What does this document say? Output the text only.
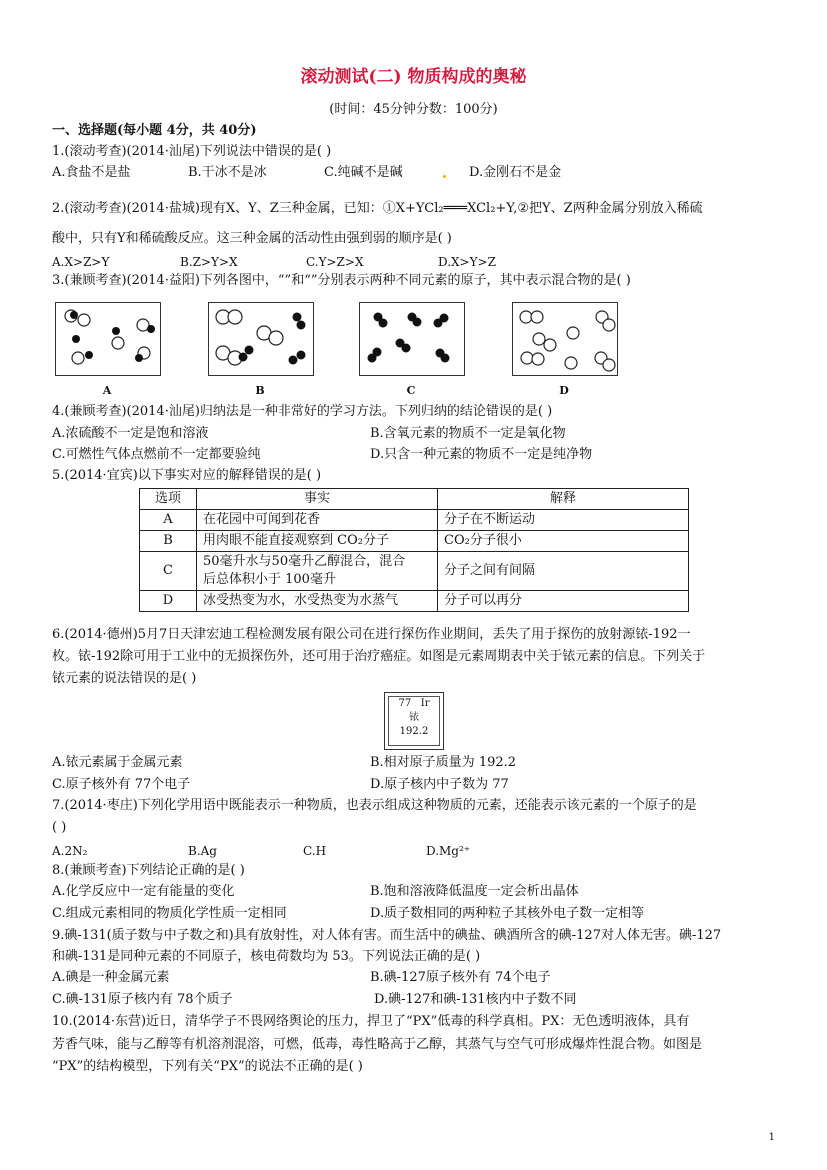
滚动测试(二) 物质构成的奥秘
(时间：45分钟分数：100分)
一、选择题(每小题 4分，共 40分)
1.(滚动考查)(2014·汕尾)下列说法中错误的是( )
A.食盐不是盐	B.干冰不是冰	C.纯碱不是碱	D.金刚石不是金
2.(滚动考查)(2014·盐城)现有X、Y、Z三种金属，已知：①X+YCl₂═══XCl₂+Y,②把Y、Z两种金属分别放入稀硫
酸中，只有Y和稀硫酸反应。这三种金属的活动性由强到弱的顺序是( )
A.X>Z>Y	B.Z>Y>X	C.Y>Z>X	D.X>Y>Z
3.(兼顾考查)(2014·益阳)下列各图中，“”和“”分别表示两种不同元素的原子，其中表示混合物的是( )
A	B	C	D
4.(兼顾考查)(2014·汕尾)归纳法是一种非常好的学习方法。下列归纳的结论错误的是( )
A.浓硫酸不一定是饱和溶液	B.含氧元素的物质不一定是氧化物
C.可燃性气体点燃前不一定都要验纯	D.只含一种元素的物质不一定是纯净物
5.(2014·宜宾)以下事实对应的解释错误的是( )
选项	事实	解释
A	在花园中可闻到花香	分子在不断运动
B	用肉眼不能直接观察到 CO₂分子	CO₂分子很小
C	50毫升水与50毫升乙醇混合，混合
后总体积小于 100毫升	分子之间有间隔
D	冰受热变为水，水受热变为水蒸气	分子可以再分
6.(2014·德州)5月7日天津宏迪工程检测发展有限公司在进行探伤作业期间，丢失了用于探伤的放射源铱-192一
枚。铱-192除可用于工业中的无损探伤外，还可用于治疗癌症。如图是元素周期表中关于铱元素的信息。下列关于
铱元素的说法错误的是( )
77 Ir
铱
192.2
A.铱元素属于金属元素	B.相对原子质量为 192.2
C.原子核外有 77个电子	D.原子核内中子数为 77
7.(2014·枣庄)下列化学用语中既能表示一种物质，也表示组成这种物质的元素，还能表示该元素的一个原子的是
( )
A.2N₂	B.Ag	C.H	D.Mg²⁺
8.(兼顾考查)下列结论正确的是( )
A.化学反应中一定有能量的变化	B.饱和溶液降低温度一定会析出晶体
C.组成元素相同的物质化学性质一定相同	D.质子数相同的两种粒子其核外电子数一定相等
9.碘-131(质子数与中子数之和)具有放射性，对人体有害。而生活中的碘盐、碘酒所含的碘-127对人体无害。碘-127
和碘-131是同种元素的不同原子，核电荷数均为 53。下列说法正确的是( )
A.碘是一种金属元素	B.碘-127原子核外有 74个电子
C.碘-131原子核内有 78个质子	D.碘-127和碘-131核内中子数不同
10.(2014·东营)近日，清华学子不畏网络舆论的压力，捍卫了“PX”低毒的科学真相。PX：无色透明液体，具有
芳香气味，能与乙醇等有机溶剂混溶，可燃，低毒，毒性略高于乙醇，其蒸气与空气可形成爆炸性混合物。如图是
“PX”的结构模型，下列有关“PX”的说法不正确的是( )
1
